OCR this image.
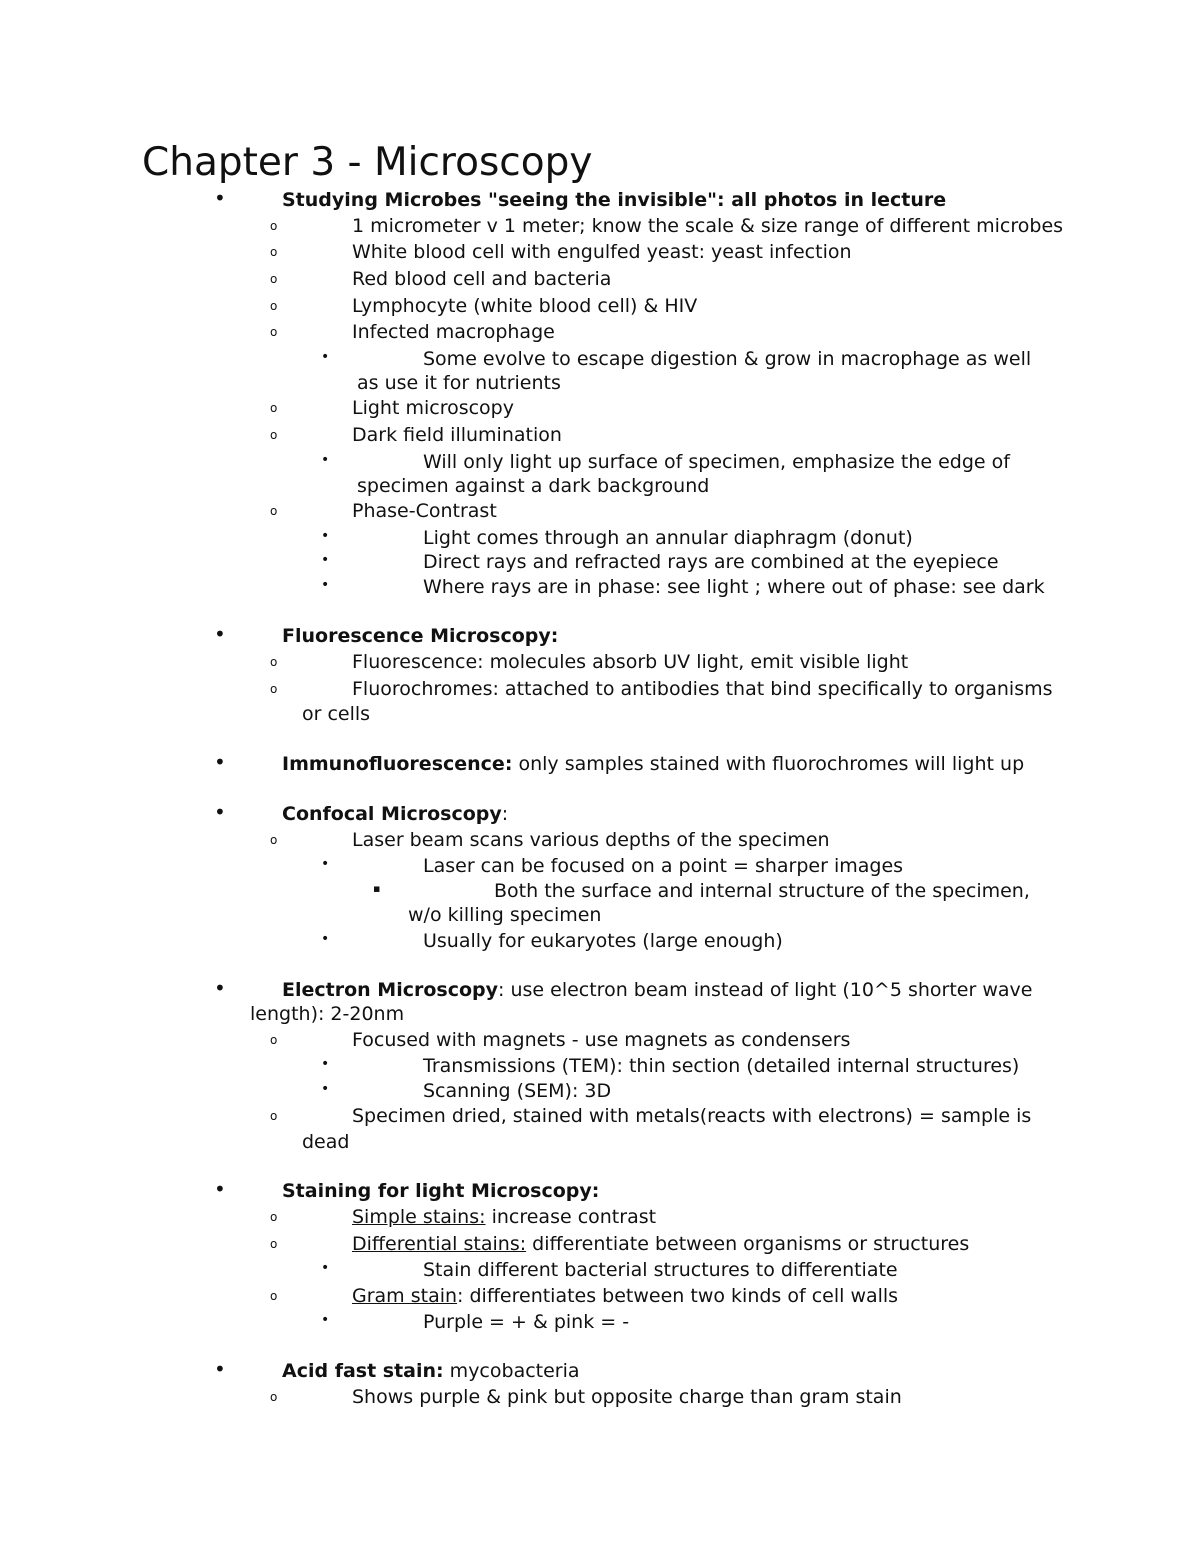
Chapter 3 - Microscopy
•	Studying Microbes "seeing the invisible": all photos in lecture
o	1 micrometer v 1 meter; know the scale & size range of different microbes
o	White blood cell with engulfed yeast: yeast infection
o	Red blood cell and bacteria
o	Lymphocyte (white blood cell) & HIV
o	Infected macrophage
•	Some evolve to escape digestion & grow in macrophage as well
as use it for nutrients
o	Light microscopy
o	Dark field illumination
•	Will only light up surface of specimen, emphasize the edge of
specimen against a dark background
o	Phase-Contrast
•	Light comes through an annular diaphragm (donut)
•	Direct rays and refracted rays are combined at the eyepiece
•	Where rays are in phase: see light ; where out of phase: see dark
•	Fluorescence Microscopy:
o	Fluorescence: molecules absorb UV light, emit visible light
o	Fluorochromes: attached to antibodies that bind specifically to organisms
or cells
•	Immunofluorescence: only samples stained with fluorochromes will light up
•	Confocal Microscopy:
o	Laser beam scans various depths of the specimen
•	Laser can be focused on a point = sharper images
▪	Both the surface and internal structure of the specimen,
w/o killing specimen
•	Usually for eukaryotes (large enough)
•	Electron Microscopy: use electron beam instead of light (10^5 shorter wave
length): 2-20nm
o	Focused with magnets - use magnets as condensers
•	Transmissions (TEM): thin section (detailed internal structures)
•	Scanning (SEM): 3D
o	Specimen dried, stained with metals(reacts with electrons) = sample is
dead
•	Staining for light Microscopy:
o	Simple stains: increase contrast
o	Differential stains: differentiate between organisms or structures
•	Stain different bacterial structures to differentiate
o	Gram stain: differentiates between two kinds of cell walls
•	Purple = + & pink = -
•	Acid fast stain: mycobacteria
o	Shows purple & pink but opposite charge than gram stain
